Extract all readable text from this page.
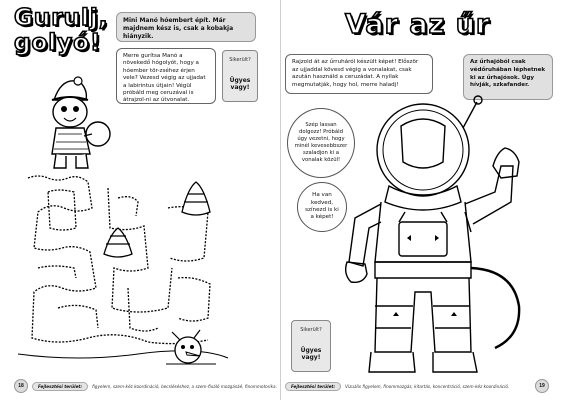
Gurulj, golyó!
Mini Manó hóembert épít. Már majdnem kész is, csak a kobakja hiányzik.
Merre gurítsa Manó a növekedő hógolyót, hogy a hóember tör-zséhez érjen vele? Vezesd végig az ujjadat a labirintus útjain! Végül próbáld meg ceruzával is átrajzol-ni az útvonalat.
Sikerült?
Ügyes vagy!
18	Fejlesztési terület:	figyelem, szem-kéz koordináció, becsléséshez, a szem-fixáló mozgásáé, finommotorika.
Vár az űr
Rajzold át az űrruháról készült képet! Először az ujjaddal kövesd végig a vonalakat, csak azután használd a ceruzádat. A nyilak megmutatják, hogy hol, merre haladj!
Az űrhajóból csak védőruhában léphetnek ki az űrhajósok. Úgy hívják, szkafander.
Szép lassan dolgozz! Próbáld úgy vezetni, hogy minél kevesebbszer szaladjon ki a vonalak közül!
Ha van kedved, színezd is ki a képet!
Sikerült?
Ügyes vagy!
Fejlesztési terület:	Vizuális figyelem, finommozgás, kitartás, koncentráció, szem-kéz koordináció.	19
